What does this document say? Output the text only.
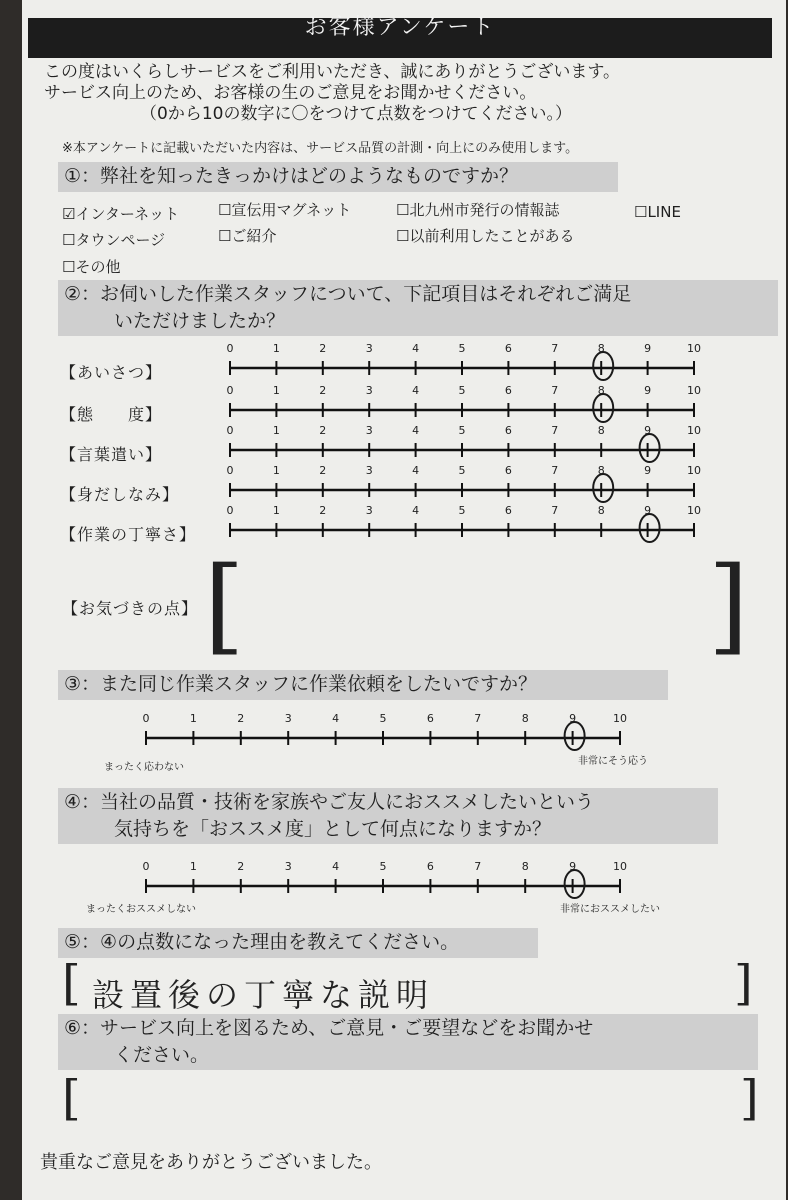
お客様アンケート
この度はいくらしサービスをご利用いただき、誠にありがとうございます。
サービス向上のため、お客様の生のご意見をお聞かせください。
（0から10の数字に〇をつけて点数をつけてください。）
※本アンケートに記載いただいた内容は、サービス品質の計測・向上にのみ使用します。
①：弊社を知ったきっかけはどのようなものですか？
☑インターネット	☐宣伝用マグネット	☐北九州市発行の情報誌	☐LINE
☐タウンページ	☐ご紹介	☐以前利用したことがある
☐その他
②：お伺いした作業スタッフについて、下記項目はそれぞれご満足
いただけましたか？
【あいさつ】
0	1	2	3	4	5	6	7	8	9	10
【態　　度】
0	1	2	3	4	5	6	7	8	9	10
【言葉遣い】
0	1	2	3	4	5	6	7	8	9	10
【身だしなみ】
0	1	2	3	4	5	6	7	8	9	10
【作業の丁寧さ】
0	1	2	3	4	5	6	7	8	9	10
【お気づきの点】 [	]
③：また同じ作業スタッフに作業依頼をしたいですか？
0	1	2	3	4	5	6	7	8	9	10
まったく応わない
非常にそう応う
④：当社の品質・技術を家族やご友人におススメしたいという
気持ちを「おススメ度」として何点になりますか？
0	1	2	3	4	5	6	7	8	9	10
まったくおススメしない	非常におススメしたい
⑤：④の点数になった理由を教えてください。
[ 設置後の丁寧な説明	]
⑥：サービス向上を図るため、ご意見・ご要望などをお聞かせ
ください。
[	]
貴重なご意見をありがとうございました。
